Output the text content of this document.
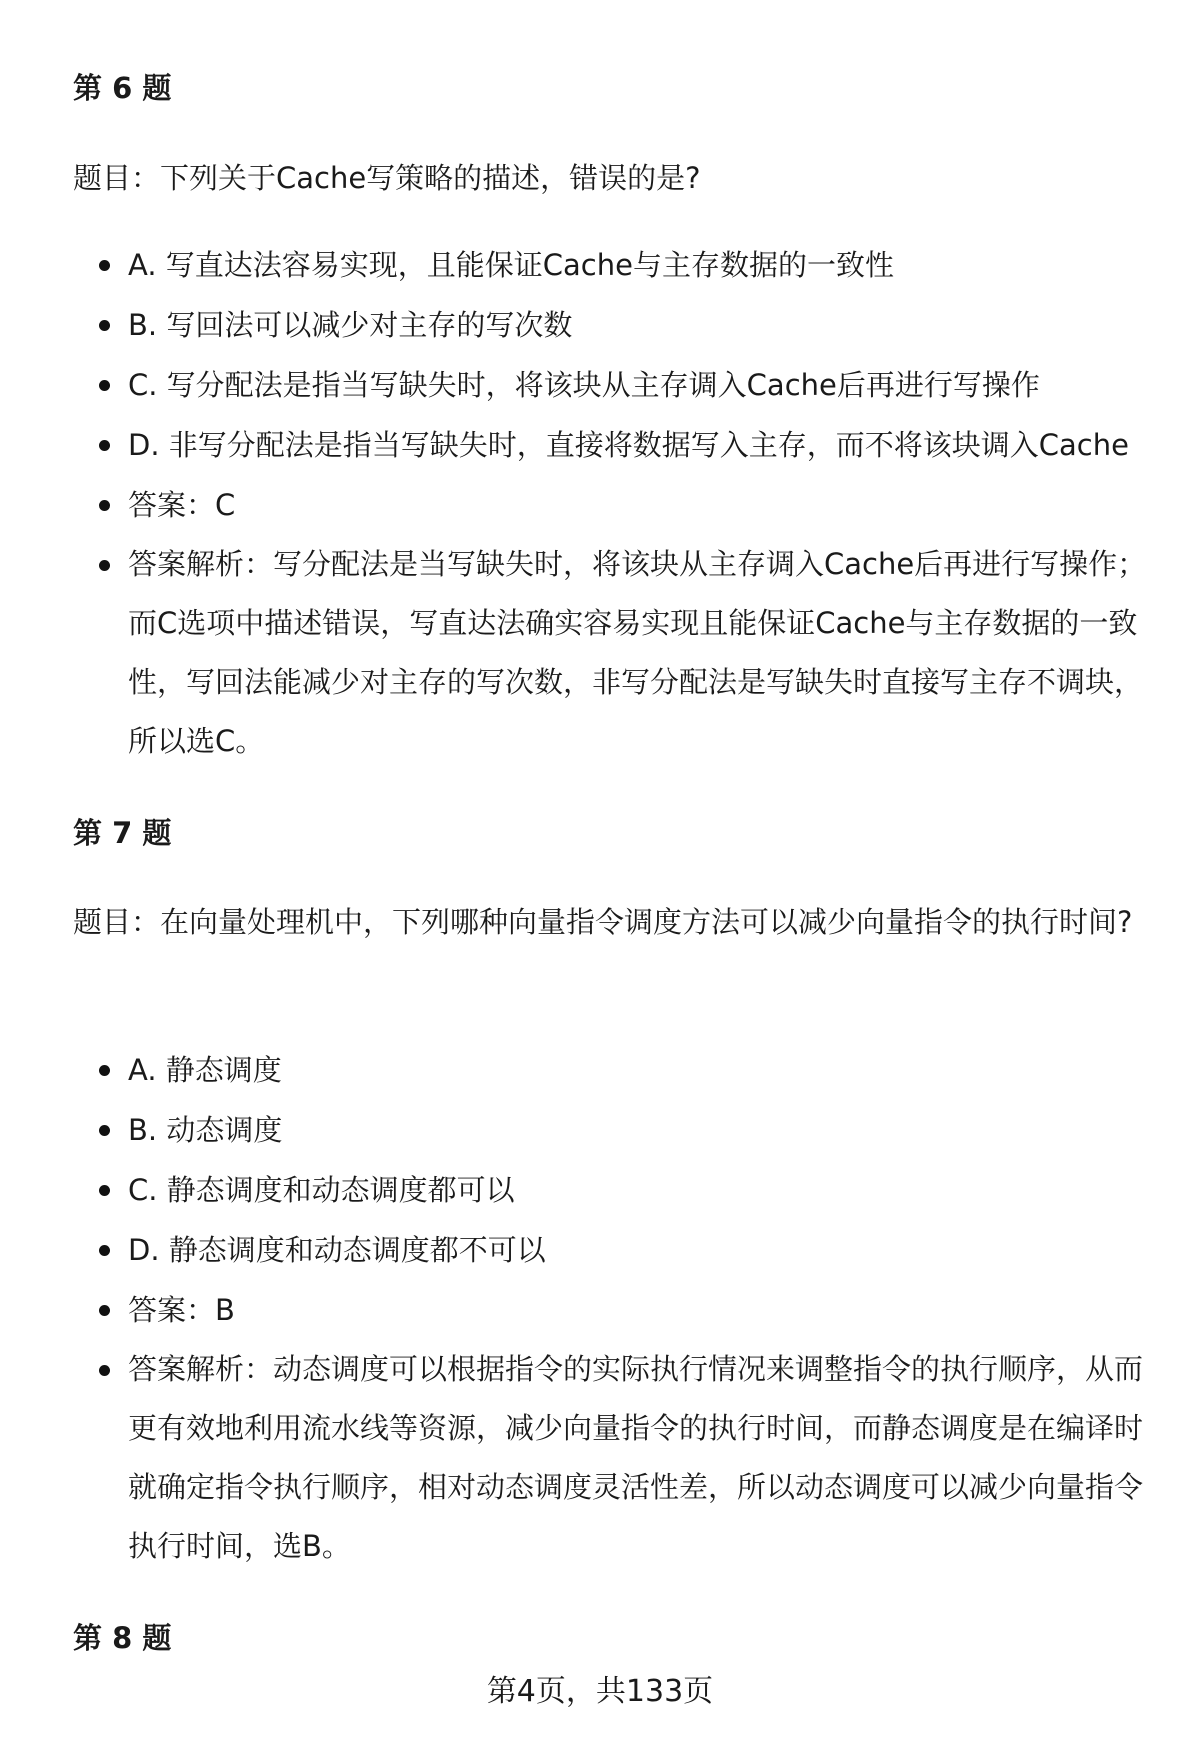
第 6 题

题目：下列关于Cache写策略的描述，错误的是?

A. 写直达法容易实现，且能保证Cache与主存数据的一致性
B. 写回法可以减少对主存的写次数
C. 写分配法是指当写缺失时，将该块从主存调入Cache后再进行写操作
D. 非写分配法是指当写缺失时，直接将数据写入主存，而不将该块调入Cache
答案：C
答案解析：写分配法是当写缺失时，将该块从主存调入Cache后再进行写操作；而C选项中描述错误，写直达法确实容易实现且能保证Cache与主存数据的一致性，写回法能减少对主存的写次数，非写分配法是写缺失时直接写主存不调块，所以选C。
第 7 题

题目：在向量处理机中，下列哪种向量指令调度方法可以减少向量指令的执行时间?

A. 静态调度
B. 动态调度
C. 静态调度和动态调度都可以
D. 静态调度和动态调度都不可以
答案：B
答案解析：动态调度可以根据指令的实际执行情况来调整指令的执行顺序，从而更有效地利用流水线等资源，减少向量指令的执行时间，而静态调度是在编译时就确定指令执行顺序，相对动态调度灵活性差，所以动态调度可以减少向量指令执行时间，选B。
第 8 题
第4页，共133页
